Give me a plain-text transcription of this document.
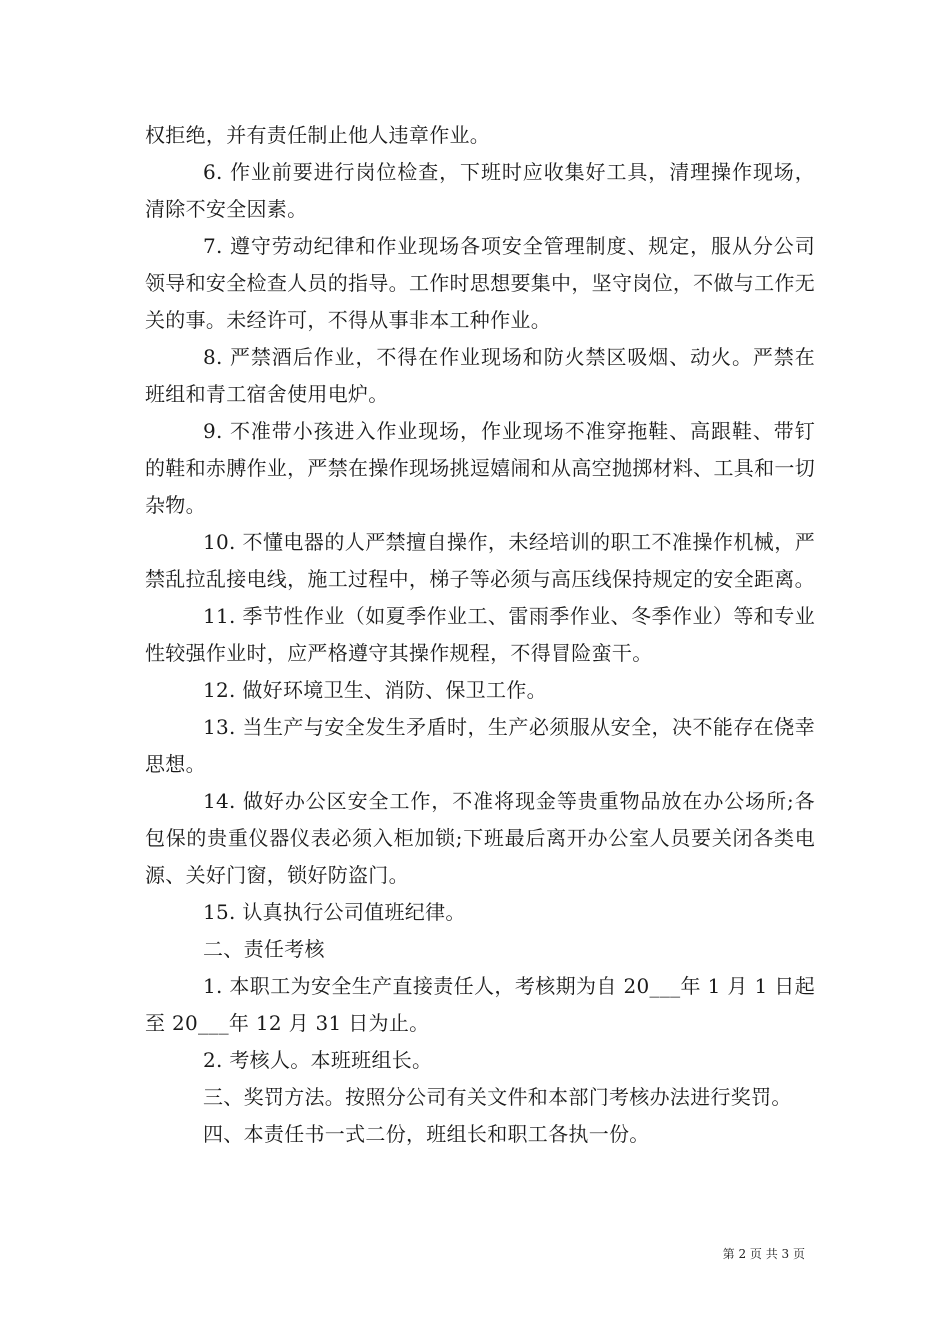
权拒绝，并有责任制止他人违章作业。

6. 作业前要进行岗位检查，下班时应收集好工具，清理操作现场，清除不安全因素。

7. 遵守劳动纪律和作业现场各项安全管理制度、规定，服从分公司领导和安全检查人员的指导。工作时思想要集中，坚守岗位，不做与工作无关的事。未经许可，不得从事非本工种作业。

8. 严禁酒后作业，不得在作业现场和防火禁区吸烟、动火。严禁在班组和青工宿舍使用电炉。

9. 不准带小孩进入作业现场，作业现场不准穿拖鞋、高跟鞋、带钉的鞋和赤膊作业，严禁在操作现场挑逗嬉闹和从高空抛掷材料、工具和一切杂物。

10. 不懂电器的人严禁擅自操作，未经培训的职工不准操作机械，严禁乱拉乱接电线，施工过程中，梯子等必须与高压线保持规定的安全距离。

11. 季节性作业（如夏季作业工、雷雨季作业、冬季作业）等和专业性较强作业时，应严格遵守其操作规程，不得冒险蛮干。

12. 做好环境卫生、消防、保卫工作。

13. 当生产与安全发生矛盾时，生产必须服从安全，决不能存在侥幸思想。

14. 做好办公区安全工作，不准将现金等贵重物品放在办公场所;各包保的贵重仪器仪表必须入柜加锁;下班最后离开办公室人员要关闭各类电源、关好门窗，锁好防盗门。

15. 认真执行公司值班纪律。

二、责任考核

1. 本职工为安全生产直接责任人，考核期为自 20___年 1 月 1 日起至 20___年 12 月 31 日为止。

2. 考核人。本班班组长。

三、奖罚方法。按照分公司有关文件和本部门考核办法进行奖罚。

四、本责任书一式二份，班组长和职工各执一份。

第 2 页 共 3 页
